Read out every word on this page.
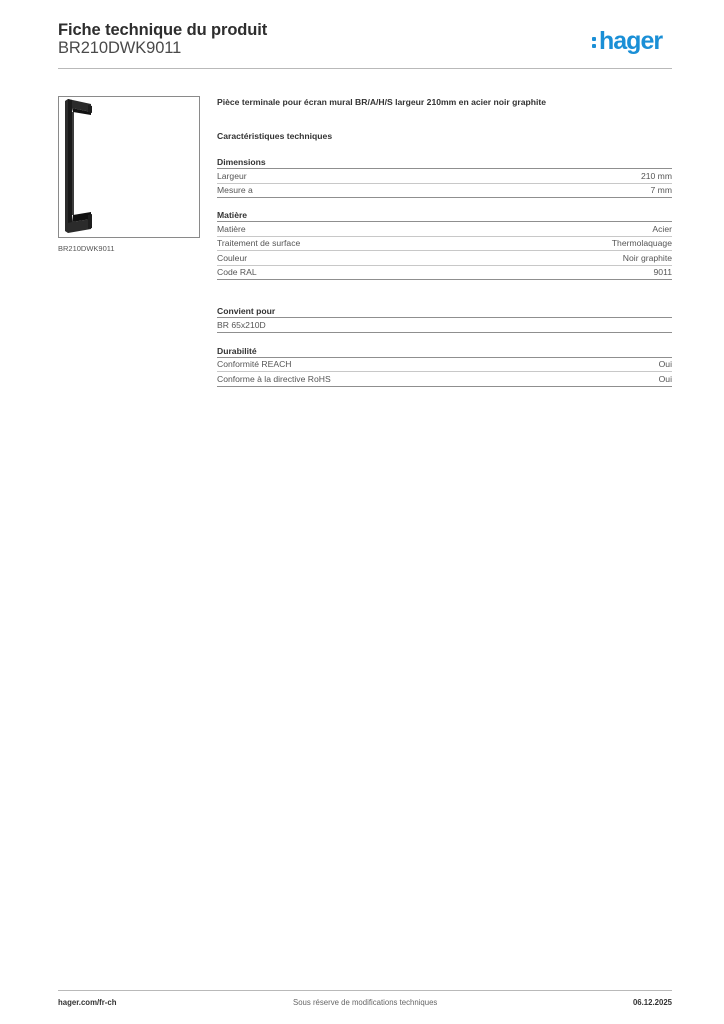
Fiche technique du produit
BR210DWK9011	hager
BR210DWK9011

Pièce terminale pour écran mural BR/A/H/S largeur 210mm en acier noir graphite

Caractéristiques techniques
Dimensions
Largeur	210 mm
Mesure a	7 mm
Matière
Matière	Acier
Traitement de surface	Thermolaquage
Couleur	Noir graphite
Code RAL	9011
Convient pour
BR 65x210D
Durabilité
Conformité REACH	Oui
Conforme à la directive RoHS	Oui
hager.com/fr-ch	Sous réserve de modifications techniques	06.12.2025
